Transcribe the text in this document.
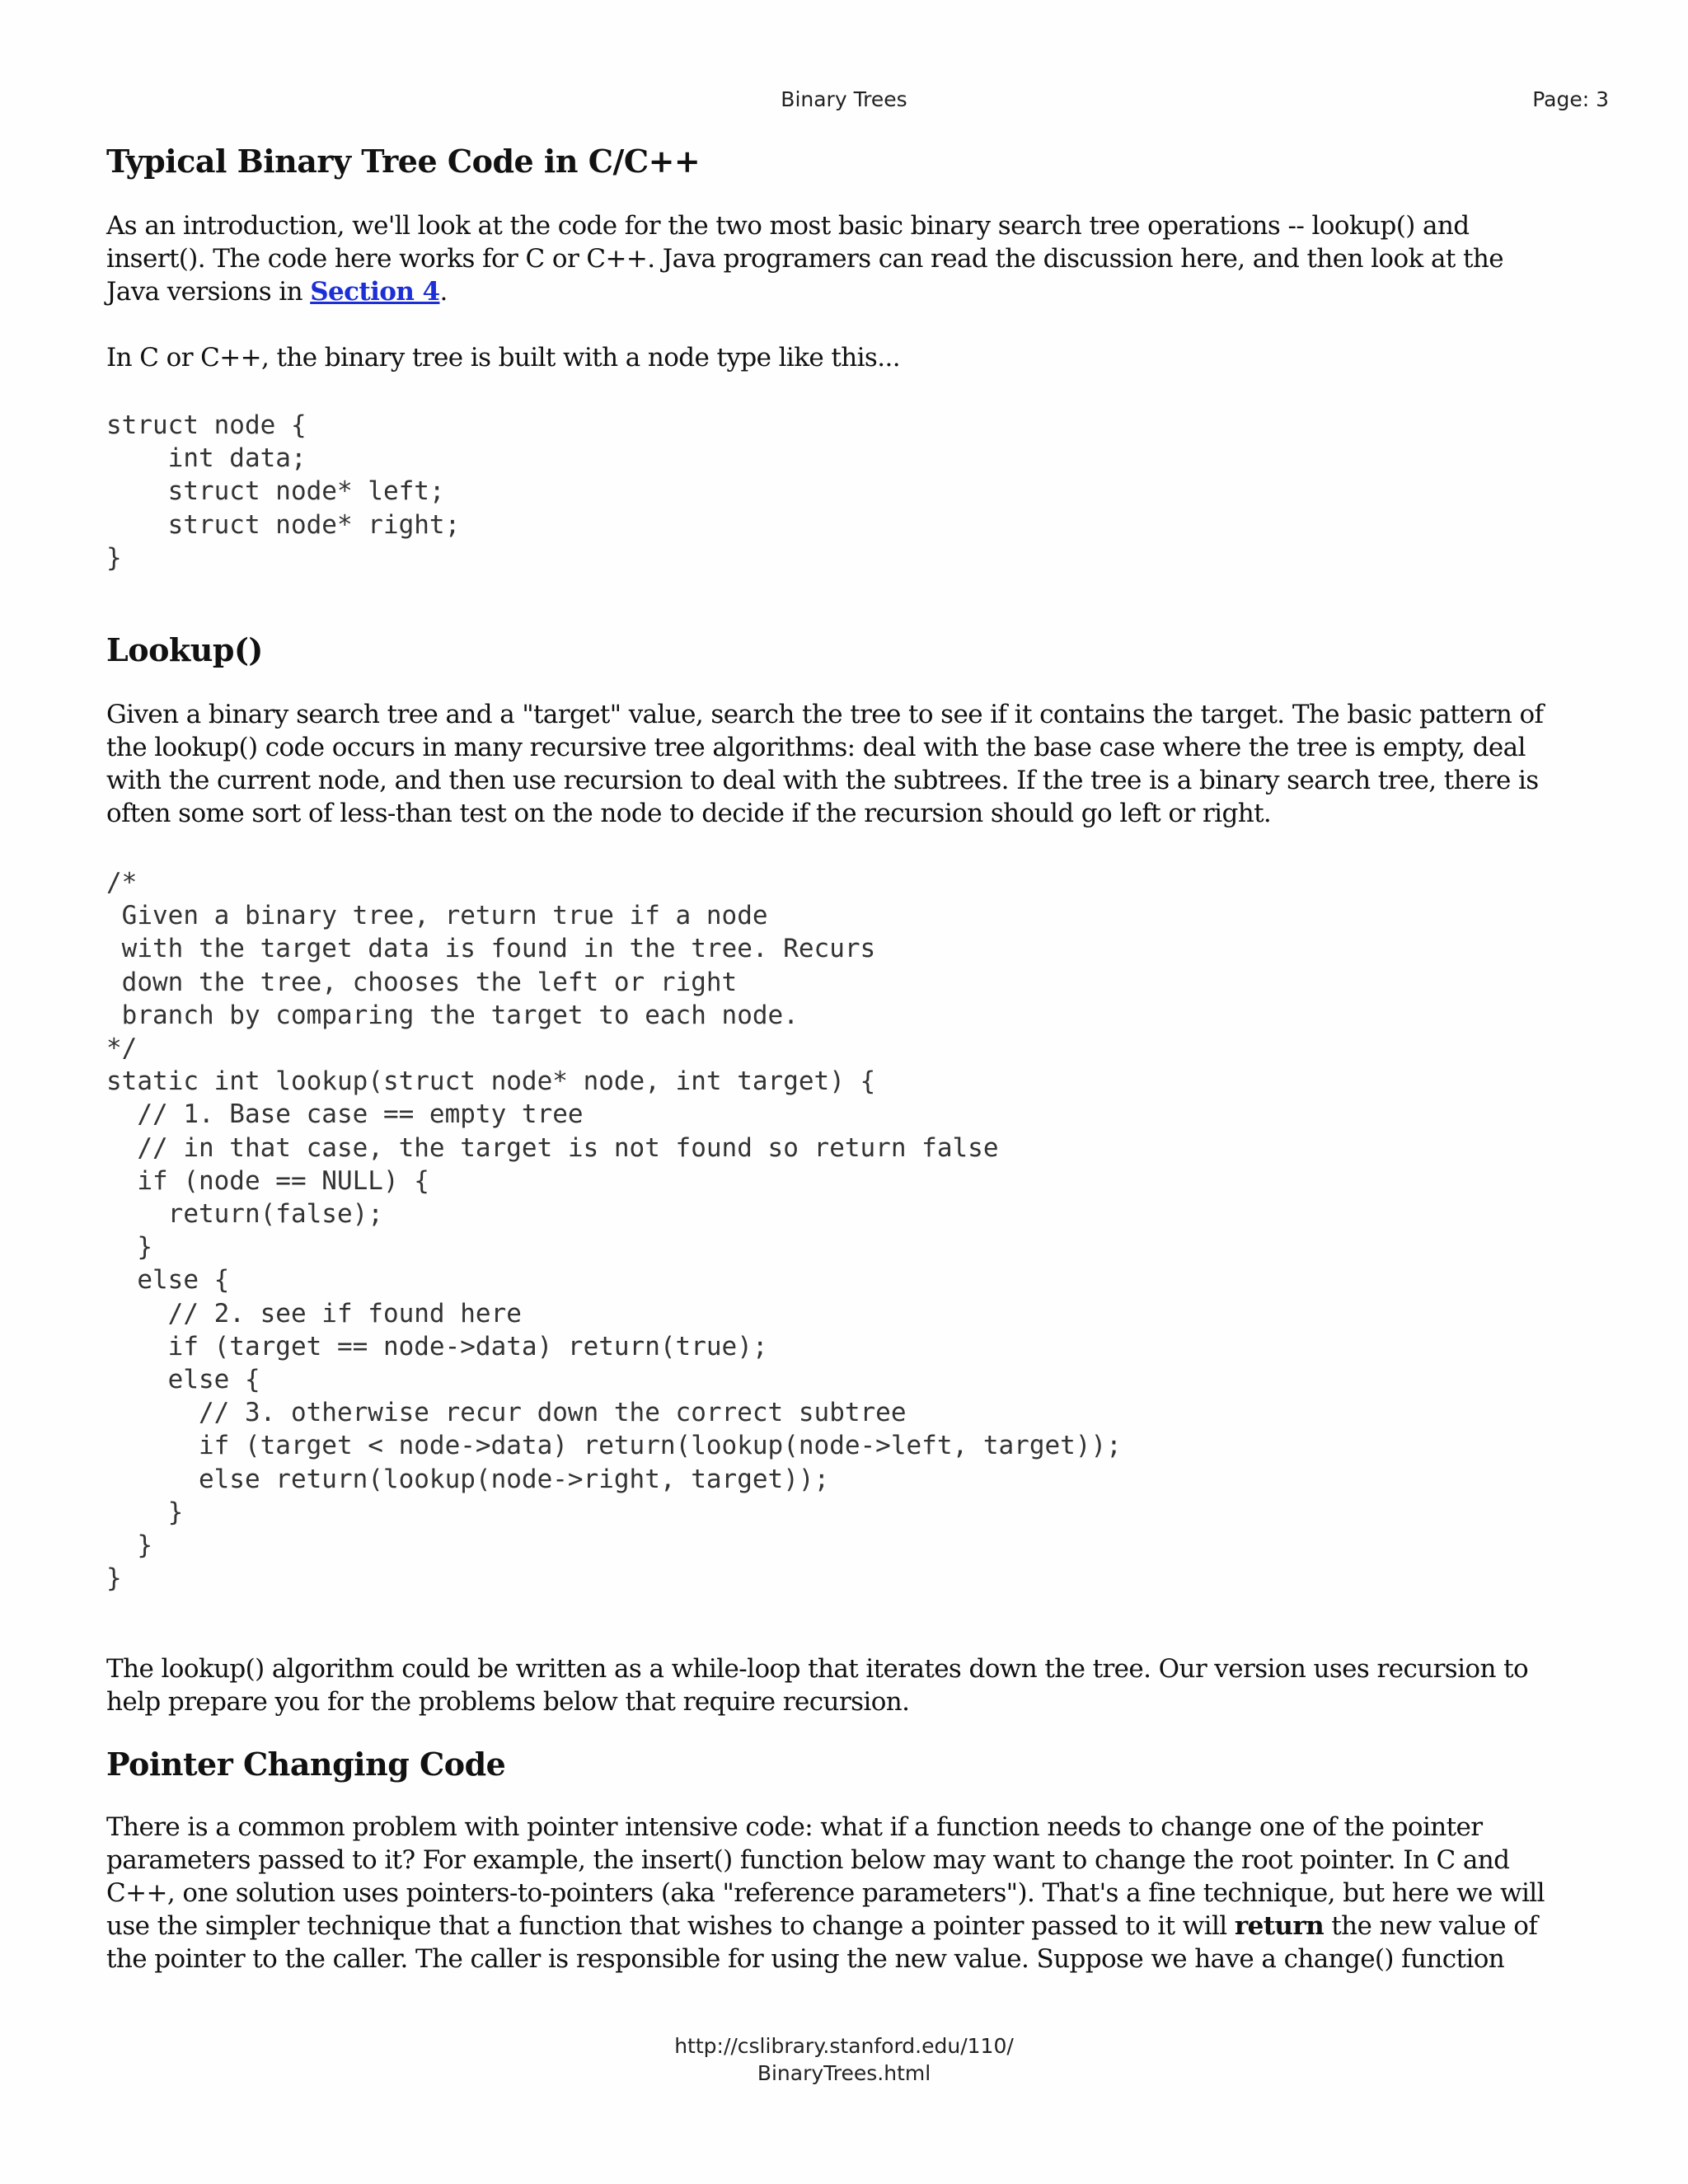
Binary Trees	Page: 3
Typical Binary Tree Code in C/C++

As an introduction, we'll look at the code for the two most basic binary search tree operations -- lookup() and insert(). The code here works for C or C++. Java programers can read the discussion here, and then look at the Java versions in Section 4.

In C or C++, the binary tree is built with a node type like this...

struct node {
int data;
struct node* left;
struct node* right;
}
Lookup()

Given a binary search tree and a "target" value, search the tree to see if it contains the target. The basic pattern of the lookup() code occurs in many recursive tree algorithms: deal with the base case where the tree is empty, deal with the current node, and then use recursion to deal with the subtrees. If the tree is a binary search tree, there is often some sort of less-than test on the node to decide if the recursion should go left or right.

/*
Given a binary tree, return true if a node
with the target data is found in the tree. Recurs
down the tree, chooses the left or right
branch by comparing the target to each node.
*/
static int lookup(struct node* node, int target) {
// 1. Base case == empty tree
// in that case, the target is not found so return false
if (node == NULL) {
return(false);
}
else {
// 2. see if found here
if (target == node->data) return(true);
else {
// 3. otherwise recur down the correct subtree
if (target < node->data) return(lookup(node->left, target));
else return(lookup(node->right, target));
}
}
}

The lookup() algorithm could be written as a while-loop that iterates down the tree. Our version uses recursion to help prepare you for the problems below that require recursion.

Pointer Changing Code

There is a common problem with pointer intensive code: what if a function needs to change one of the pointer parameters passed to it? For example, the insert() function below may want to change the root pointer. In C and C++, one solution uses pointers-to-pointers (aka "reference parameters"). That's a fine technique, but here we will use the simpler technique that a function that wishes to change a pointer passed to it will return the new value of the pointer to the caller. The caller is responsible for using the new value. Suppose we have a change() function

http://cslibrary.stanford.edu/110/
BinaryTrees.html
